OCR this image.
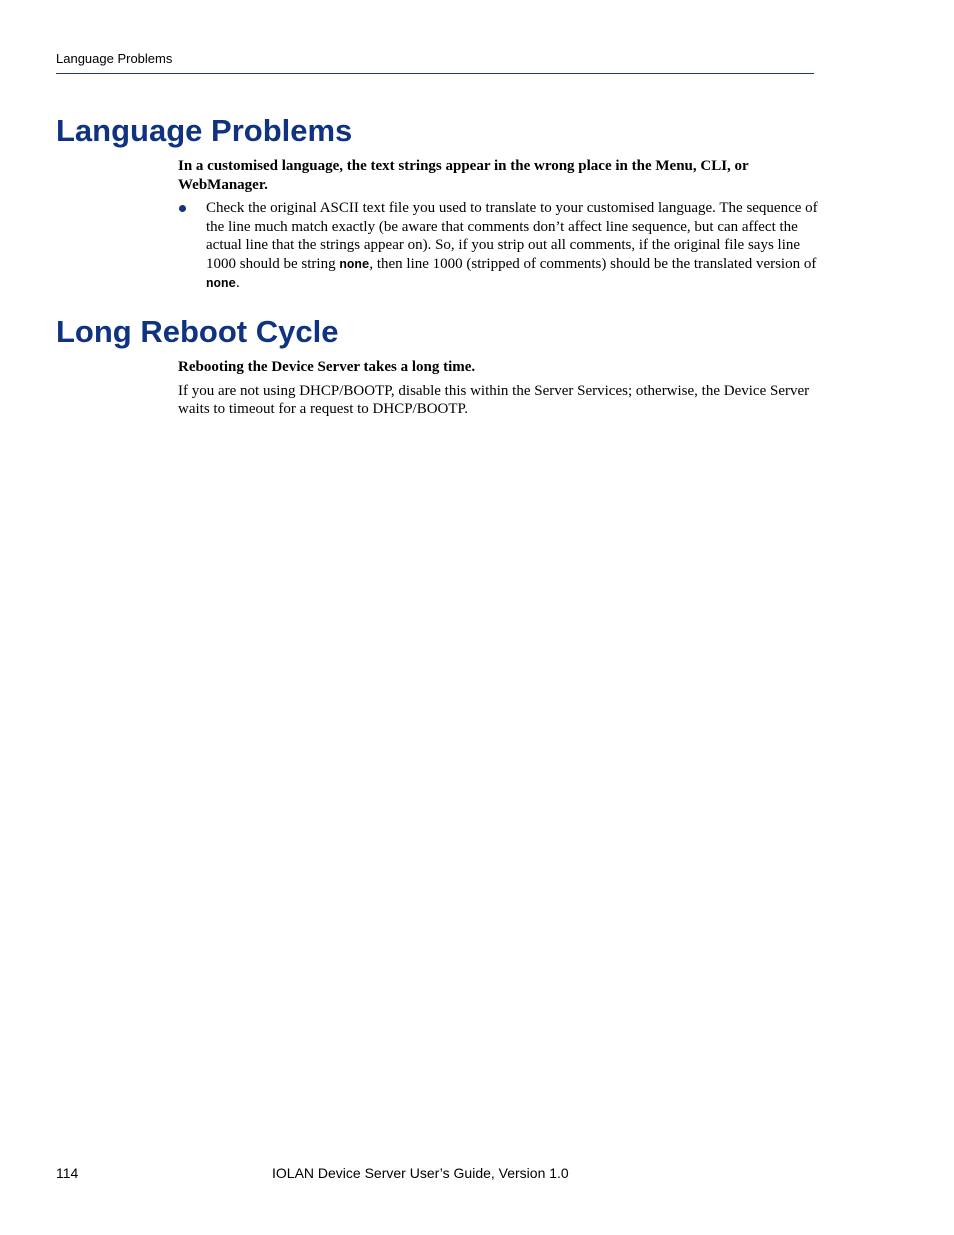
Language Problems
Language Problems
In a customised language, the text strings appear in the wrong place in the Menu, CLI, or WebManager.
Check the original ASCII text file you used to translate to your customised language. The sequence of the line much match exactly (be aware that comments don’t affect line sequence, but can affect the actual line that the strings appear on). So, if you strip out all comments, if the original file says line 1000 should be string none, then line 1000 (stripped of comments) should be the translated version of none.
Long Reboot Cycle
Rebooting the Device Server takes a long time.
If you are not using DHCP/BOOTP, disable this within the Server Services; otherwise, the Device Server waits to timeout for a request to DHCP/BOOTP.
114	IOLAN Device Server User’s Guide, Version 1.0
